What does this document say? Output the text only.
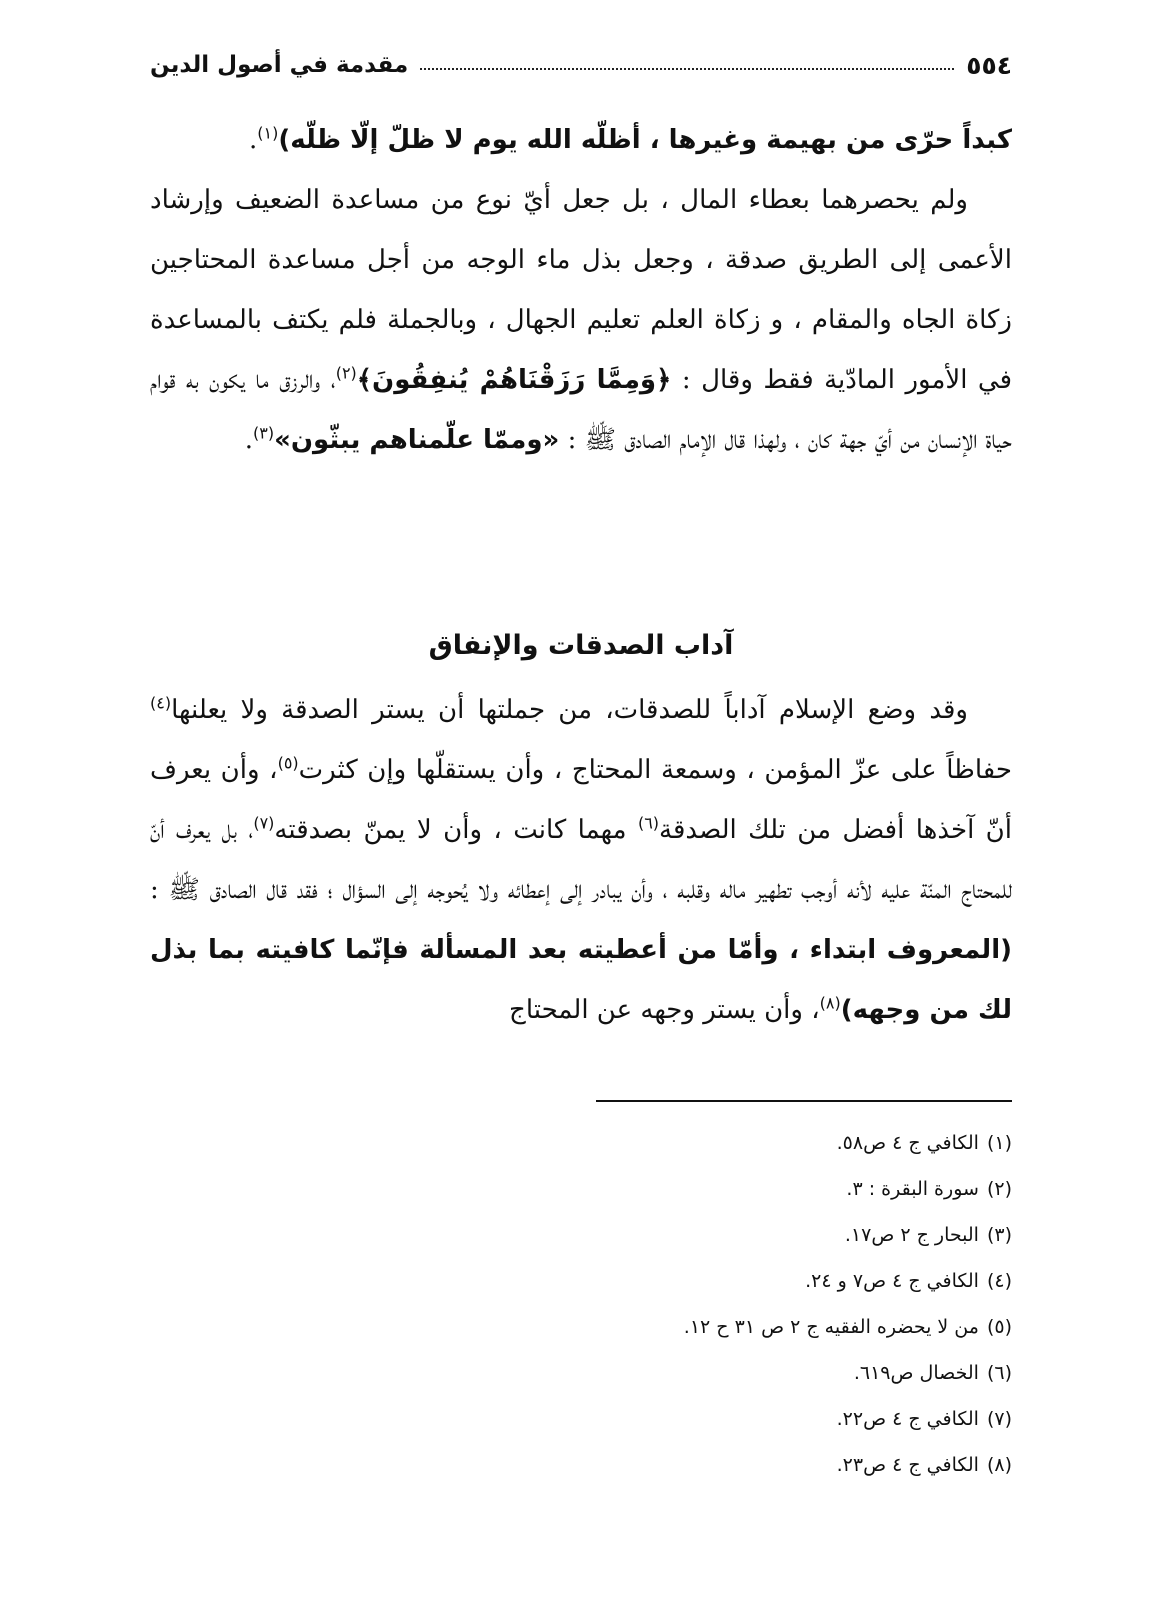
٥٥٤
مقدمة في أصول الدين

كبداً حرّى من بهيمة وغيرها ، أظلّه الله يوم لا ظلّ إلّا ظلّه)$^{(١)}$.

ولم يحصرهما بعطاء المال ، بل جعل أيّ نوع من مساعدة الضعيف وإرشاد الأعمى إلى الطريق صدقة ، وجعل بذل ماء الوجه من أجل مساعدة المحتاجين زكاة الجاه والمقام ، و زكاة العلم تعليم الجهال ، وبالجملة فلم يكتف بالمساعدة في الأمور المادّية فقط وقال : ﴿وَمِمَّا رَزَقْنَاهُمْ يُنفِقُونَ﴾$^{(٢)}$، والرزق ما يكون به قوام حياة الإنسان من أيّ جهة كان ، ولهذا قال الإمام الصادق ﷺ : «وممّا علّمناهم يبثّون»$^{(٣)}$.

آداب الصدقات والإنفاق

وقد وضع الإسلام آداباً للصدقات، من جملتها أن يستر الصدقة ولا يعلنها$^{(٤)}$ حفاظاً على عزّ المؤمن ، وسمعة المحتاج ، وأن يستقلّها وإن كثرت$^{(٥)}$، وأن يعرف أنّ آخذها أفضل من تلك الصدقة$^{(٦)}$ مهما كانت ، وأن لا يمنّ بصدقته$^{(٧)}$، بل يعرف أنّ للمحتاج المنّة عليه لأنه أوجب تطهير ماله وقلبه ، وأن يبادر إلى إعطائه ولا يُحوجه إلى السؤال ؛ فقد قال الصادق ﷺ : (المعروف ابتداء ، وأمّا من أعطيته بعد المسألة فإنّما كافيته بما بذل لك من وجهه)$^{(٨)}$، وأن يستر وجهه عن المحتاج

(١)الكافي ج ٤ ص٥٨.
(٢)سورة البقرة : ٣.
(٣)البحار ج ٢ ص١٧.
(٤)الكافي ج ٤ ص٧ و ٢٤.
(٥)من لا يحضره الفقيه ج ٢ ص ٣١ ح ١٢.
(٦)الخصال ص٦١٩.
(٧)الكافي ج ٤ ص٢٢.
(٨)الكافي ج ٤ ص٢٣.
